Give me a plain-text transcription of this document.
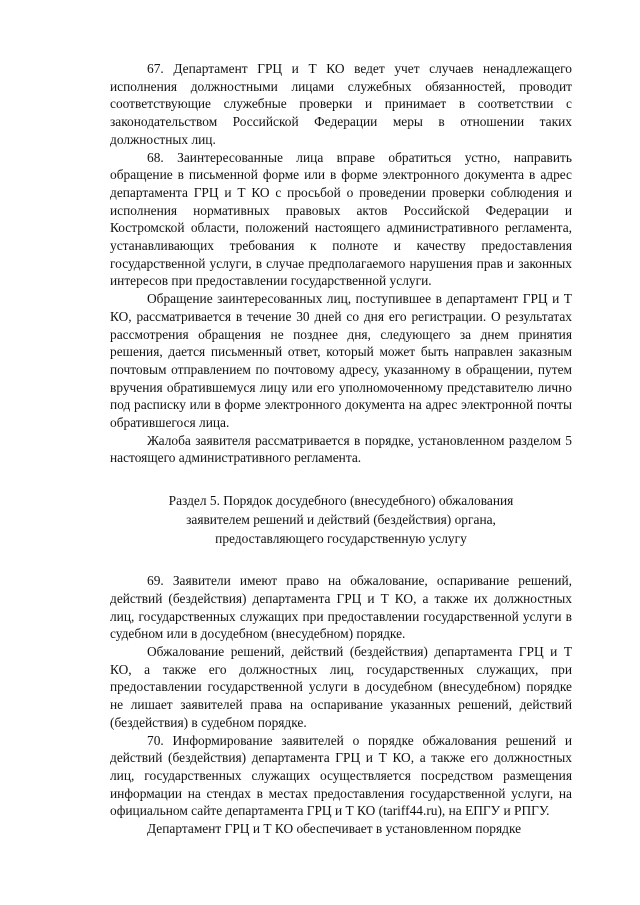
67. Департамент ГРЦ и Т КО ведет учет случаев ненадлежащего исполнения должностными лицами служебных обязанностей, проводит соответствующие служебные проверки и принимает в соответствии с законодательством Российской Федерации меры в отношении таких должностных лиц.

68. Заинтересованные лица вправе обратиться устно, направить обращение в письменной форме или в форме электронного документа в адрес департамента ГРЦ и Т КО с просьбой о проведении проверки соблюдения и исполнения нормативных правовых актов Российской Федерации и Костромской области, положений настоящего административного регламента, устанавливающих требования к полноте и качеству предоставления государственной услуги, в случае предполагаемого нарушения прав и законных интересов при предоставлении государственной услуги.

Обращение заинтересованных лиц, поступившее в департамент ГРЦ и Т КО, рассматривается в течение 30 дней со дня его регистрации. О результатах рассмотрения обращения не позднее дня, следующего за днем принятия решения, дается письменный ответ, который может быть направлен заказным почтовым отправлением по почтовому адресу, указанному в обращении, путем вручения обратившемуся лицу или его уполномоченному представителю лично под расписку или в форме электронного документа на адрес электронной почты обратившегося лица.

Жалоба заявителя рассматривается в порядке, установленном разделом 5 настоящего административного регламента.

Раздел 5. Порядок досудебного (внесудебного) обжалования
заявителем решений и действий (бездействия) органа,
предоставляющего государственную услугу

69. Заявители имеют право на обжалование, оспаривание решений, действий (бездействия) департамента ГРЦ и Т КО, а также их должностных лиц, государственных служащих при предоставлении государственной услуги в судебном или в досудебном (внесудебном) порядке.

Обжалование решений, действий (бездействия) департамента ГРЦ и Т КО, а также его должностных лиц, государственных служащих, при предоставлении государственной услуги в досудебном (внесудебном) порядке не лишает заявителей права на оспаривание указанных решений, действий (бездействия) в судебном порядке.

70. Информирование заявителей о порядке обжалования решений и действий (бездействия) департамента ГРЦ и Т КО, а также его должностных лиц, государственных служащих осуществляется посредством размещения информации на стендах в местах предоставления государственной услуги, на официальном сайте департамента ГРЦ и Т КО (tariff44.ru), на ЕПГУ и РПГУ.

Департамент ГРЦ и Т КО обеспечивает в установленном порядке
